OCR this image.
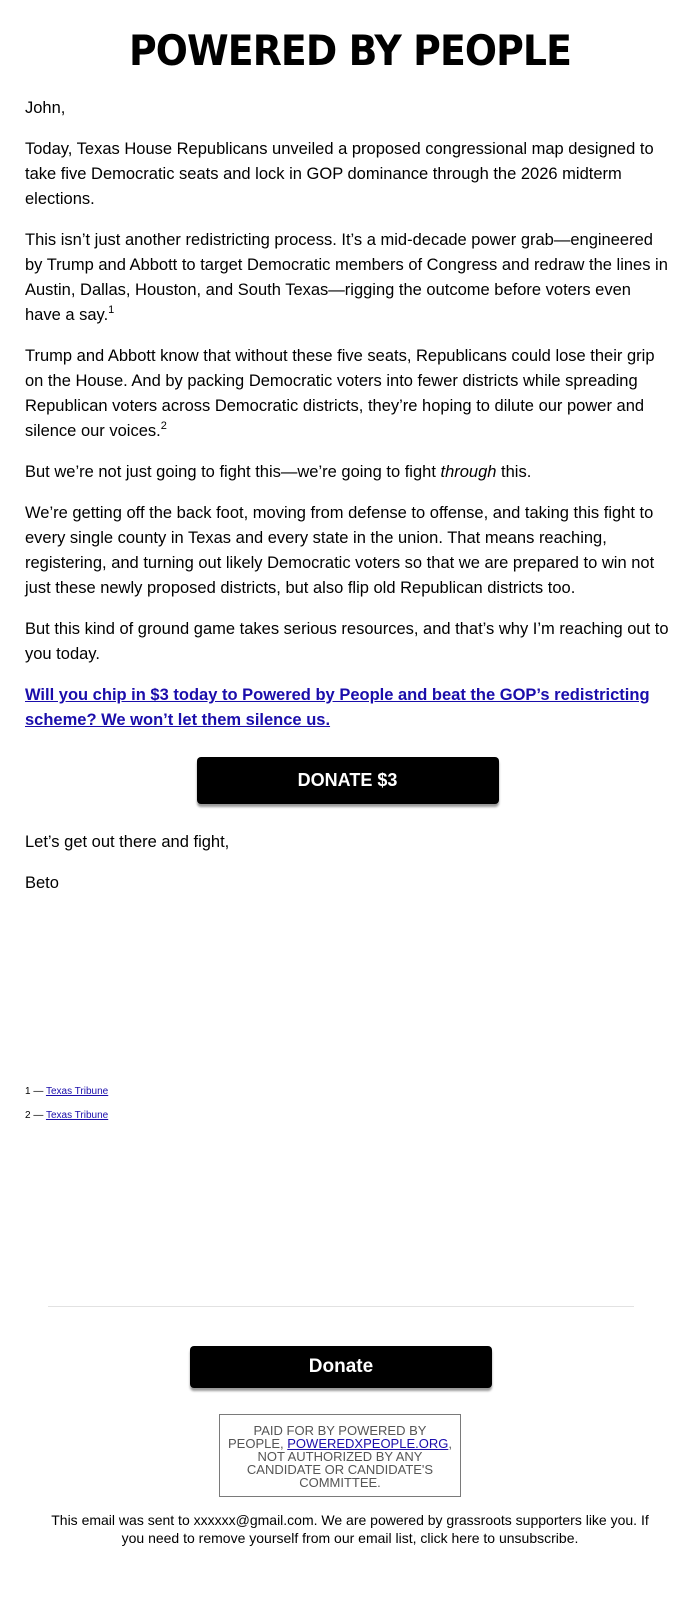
POWERED BY PEOPLE

John,

Today, Texas House Republicans unveiled a proposed congressional map designed to take five Democratic seats and lock in GOP dominance through the 2026 midterm elections.

This isn’t just another redistricting process. It’s a mid-decade power grab—engineered by Trump and Abbott to target Democratic members of Congress and redraw the lines in Austin, Dallas, Houston, and South Texas—rigging the outcome before voters even have a say.$^1$

Trump and Abbott know that without these five seats, Republicans could lose their grip on the House. And by packing Democratic voters into fewer districts while spreading Republican voters across Democratic districts, they’re hoping to dilute our power and silence our voices.$^2$

But we’re not just going to fight this—we’re going to fight through this.

We’re getting off the back foot, moving from defense to offense, and taking this fight to every single county in Texas and every state in the union. That means reaching, registering, and turning out likely Democratic voters so that we are prepared to win not just these newly proposed districts, but also flip old Republican districts too.

But this kind of ground game takes serious resources, and that’s why I’m reaching out to you today.

Will you chip in $3 today to Powered by People and beat the GOP’s redistricting scheme? We won’t let them silence us.

DONATE $3

Let’s get out there and fight,

Beto

1 — Texas Tribune
2 — Texas Tribune
Donate
PAID FOR BY POWERED BY PEOPLE, POWEREDXPEOPLE.ORG, NOT AUTHORIZED BY ANY CANDIDATE OR CANDIDATE'S COMMITTEE.
This email was sent to xxxxxx@gmail.com. We are powered by grassroots supporters like you. If you need to remove yourself from our email list, click here to unsubscribe.
